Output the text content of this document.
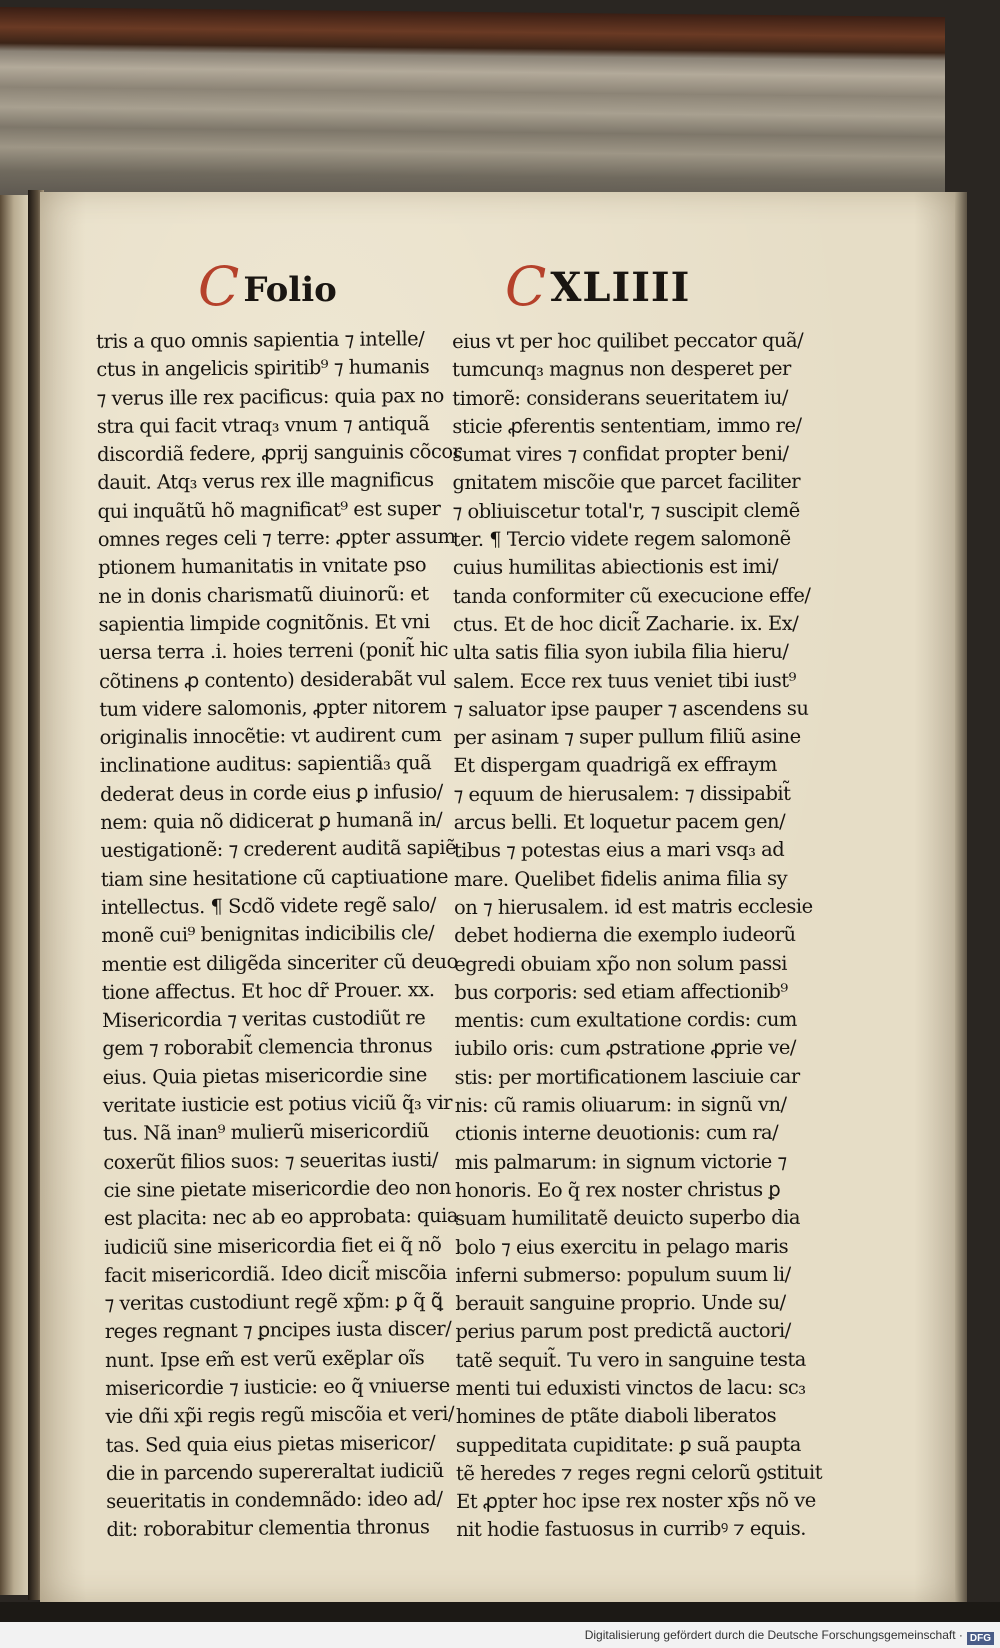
C Folio	C XLIIII
tris a quo omnis sapientia ⁊ intelle/
ctus in angelicis spiritib⁹ ⁊ humanis
⁊ verus ille rex pacificus: quia pax no
stra qui facit vtraq₃ vnum ⁊ antiquã
discordiã federe, ꝓprij sanguinis cõcor
dauit. Atq₃ verus rex ille magnificus
qui inquãtũ hõ magnificat⁹ est super
omnes reges celi ⁊ terre: ꝓpter assum
ptionem humanitatis in vnitate pso
ne in donis charismatũ diuinorũ: et
sapientia limpide cognitõnis. Et vni
uersa terra .i. hoies terreni (ponit̃ hic
cõtinens ꝓ contento) desiderabãt vul
tum videre salomonis, ꝓpter nitorem
originalis innocẽtie: vt audirent cum
inclinatione auditus: sapientiã₃ quã
dederat deus in corde eius ꝑ infusio/
nem: quia nõ didicerat ꝑ humanã in/
uestigationẽ: ⁊ crederent auditã sapiẽ
tiam sine hesitatione cũ captiuatione
intellectus. ¶ Scdõ videte regẽ salo/
monẽ cui⁹ benignitas indicibilis cle/
mentie est diligẽda sinceriter cũ deuo
tione affectus. Et hoc dr̃ Prouer. xx.
Misericordia ⁊ veritas custodiũt re
gem ⁊ roborabit̃ clemencia thronus
eius. Quia pietas misericordie sine
veritate iusticie est potius viciũ q̃₃ vir
tus. Nã inan⁹ mulierũ misericordiũ
coxerũt filios suos: ⁊ seueritas iusti/
cie sine pietate misericordie deo non
est placita: nec ab eo approbata: quia
iudiciũ sine misericordia fiet ei q̃ nõ
facit misericordiã. Ideo dicit̃ miscõia
⁊ veritas custodiunt regẽ xp̃m: ꝑ q̃ ꝗ̃
reges regnant ⁊ ꝑncipes iusta discer/
nunt. Ipse em̃ est verũ exẽplar oĩs
misericordie ⁊ iusticie: eo q̃ vniuerse
vie dñi xp̃i regis regũ miscõia et veri/
tas. Sed quia eius pietas misericor/
die in parcendo supereraltat iudiciũ
seueritatis in condemnãdo: ideo ad/
dit: roborabitur clementia thronus
eius vt per hoc quilibet peccator quã/
tumcunq₃ magnus non desperet per
timorẽ: considerans seueritatem iu/
sticie ꝓferentis sententiam, immo re/
sumat vires ⁊ confidat propter beni/
gnitatem miscõie que parcet faciliter
⁊ obliuiscetur total'r, ⁊ suscipit clemẽ
ter. ¶ Tercio videte regem salomonẽ
cuius humilitas abiectionis est imi/
tanda conformiter cũ execucione effe/
ctus. Et de hoc dicit̃ Zacharie. ix. Ex/
ulta satis filia syon iubila filia hieru/
salem. Ecce rex tuus veniet tibi iust⁹
⁊ saluator ipse pauper ⁊ ascendens su
per asinam ⁊ super pullum filiũ asine
Et dispergam quadrigã ex effraym
⁊ equum de hierusalem: ⁊ dissipabit̃
arcus belli. Et loquetur pacem gen/
tibus ⁊ potestas eius a mari vsq₃ ad
mare. Quelibet fidelis anima filia sy
on ⁊ hierusalem. id est matris ecclesie
debet hodierna die exemplo iudeorũ
egredi obuiam xp̃o non solum passi
bus corporis: sed etiam affectionib⁹
mentis: cum exultatione cordis: cum
iubilo oris: cum ꝓstratione ꝓprie ve/
stis: per mortificationem lasciuie car
nis: cũ ramis oliuarum: in signũ vn/
ctionis interne deuotionis: cum ra/
mis palmarum: in signum victorie ⁊
honoris. Eo q̃ rex noster christus ꝑ
suam humilitatẽ deuicto superbo dia
bolo ⁊ eius exercitu in pelago maris
inferni submerso: populum suum li/
berauit sanguine proprio. Unde su/
perius parum post predictã auctori/
tatẽ sequit̃. Tu vero in sanguine testa
menti tui eduxisti vinctos de lacu: sc₃
homines de ptãte diaboli liberatos
suppeditata cupiditate: ꝑ suã paupta
tẽ heredes ⁊ reges regni celorũ ꝯstituit
Et ꝓpter hoc ipse rex noster xp̃s nõ ve
nit hodie fastuosus in curribꝰ ⁊ equis.
Digitalisierung gefördert durch die Deutsche Forschungsgemeinschaft · DFG
